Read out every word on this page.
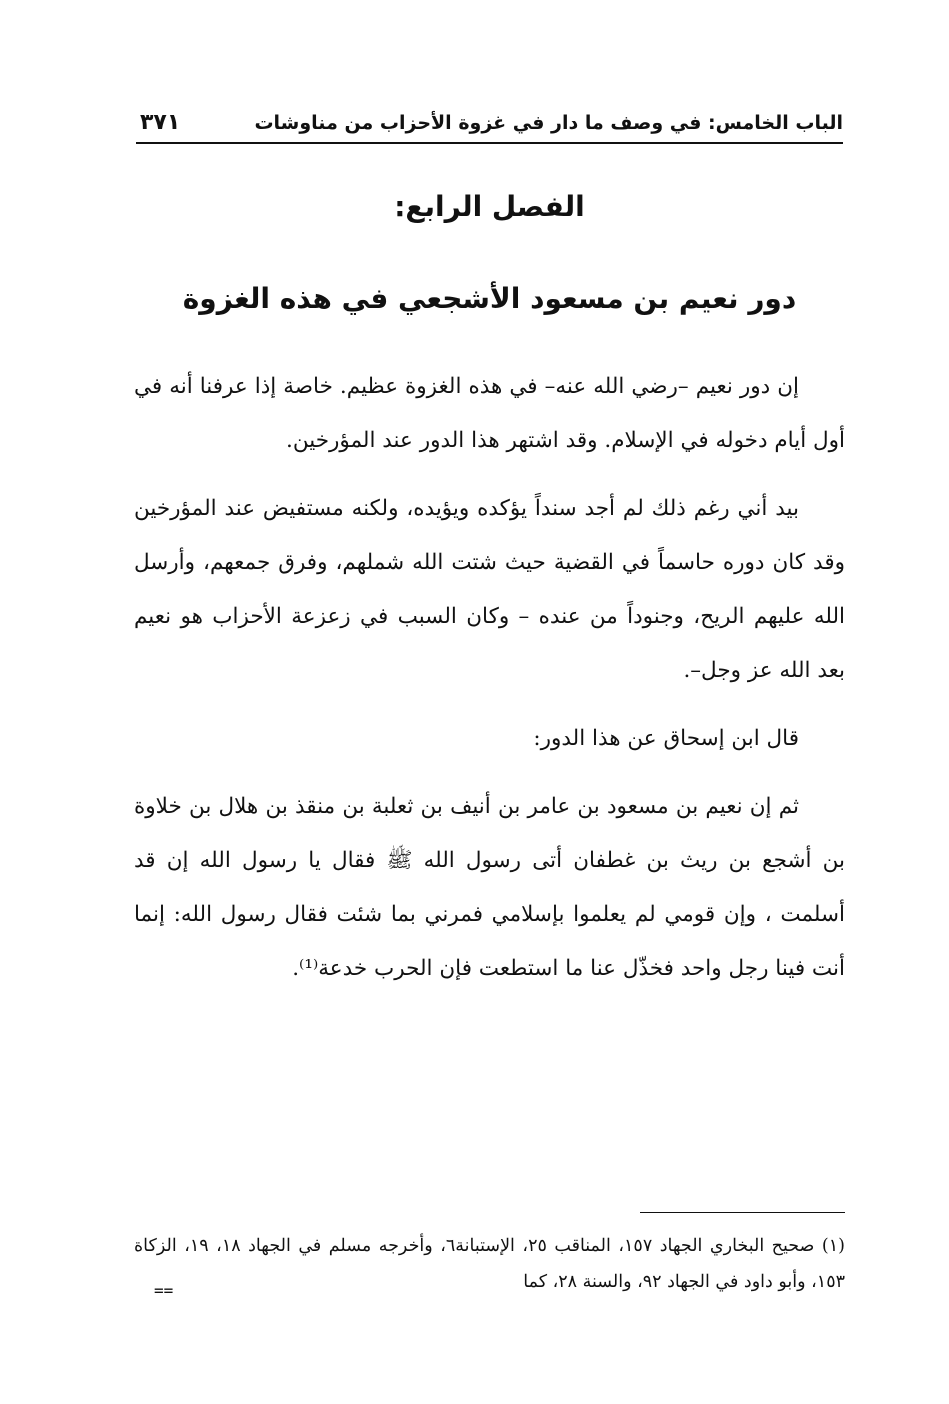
الباب الخامس: في وصف ما دار في غزوة الأحزاب من مناوشات
٣٧١
الفصل الرابع:
دور نعيم بن مسعود الأشجعي في هذه الغزوة

إن دور نعيم –رضي الله عنه– في هذه الغزوة عظيم. خاصة إذا عرفنا أنه في أول أيام دخوله في الإسلام. وقد اشتهر هذا الدور عند المؤرخين.

بيد أني رغم ذلك لم أجد سنداً يؤكده ويؤيده، ولكنه مستفيض عند المؤرخين وقد كان دوره حاسماً في القضية حيث شتت الله شملهم، وفرق جمعهم، وأرسل الله عليهم الريح، وجنوداً من عنده – وكان السبب في زعزعة الأحزاب هو نعيم بعد الله عز وجل–.

قال ابن إسحاق عن هذا الدور:

ثم إن نعيم بن مسعود بن عامر بن أنيف بن ثعلبة بن منقذ بن هلال بن خلاوة بن أشجع بن ريث بن غطفان أتى رسول الله ﷺ فقال يا رسول الله إن قد أسلمت ، وإن قومي لم يعلموا بإسلامي فمرني بما شئت فقال رسول الله: إنما أنت فينا رجل واحد فخذّل عنا ما استطعت فإن الحرب خدعة⁽¹⁾.

(١) صحيح البخاري الجهاد ١٥٧، المناقب ٢٥، الإستبانة٦، وأخرجه مسلم في الجهاد ١٨، ١٩، الزكاة ١٥٣، وأبو داود في الجهاد ٩٢، والسنة ٢٨، كما

==
